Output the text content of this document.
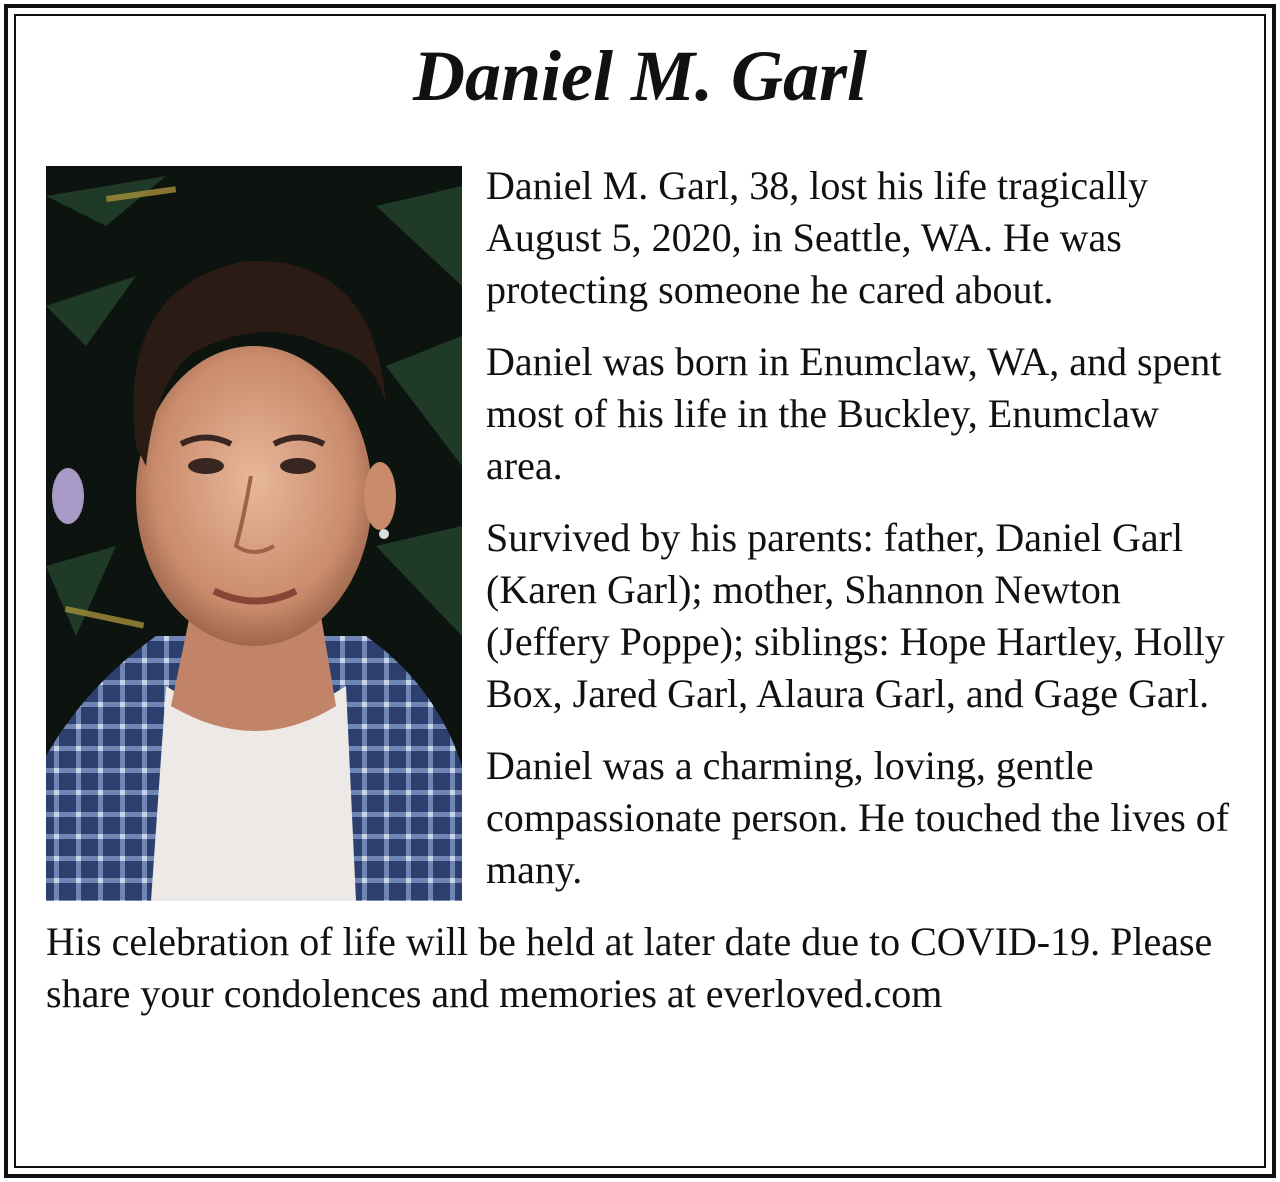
Daniel M. Garl

Daniel M. Garl, 38, lost his life tragically August 5, 2020, in Seattle, WA. He was protecting someone he cared about.

Daniel was born in Enumclaw, WA, and spent most of his life in the Buckley, Enumclaw area.

Survived by his parents: father, Daniel Garl (Karen Garl); mother, Shannon Newton (Jeffery Poppe); siblings: Hope Hartley, Holly Box, Jared Garl, Alaura Garl, and Gage Garl.

Daniel was a charming, loving, gentle compassionate person. He touched the lives of many.

His celebration of life will be held at later date due to COVID-19. Please share your condolences and memories at everloved.com
